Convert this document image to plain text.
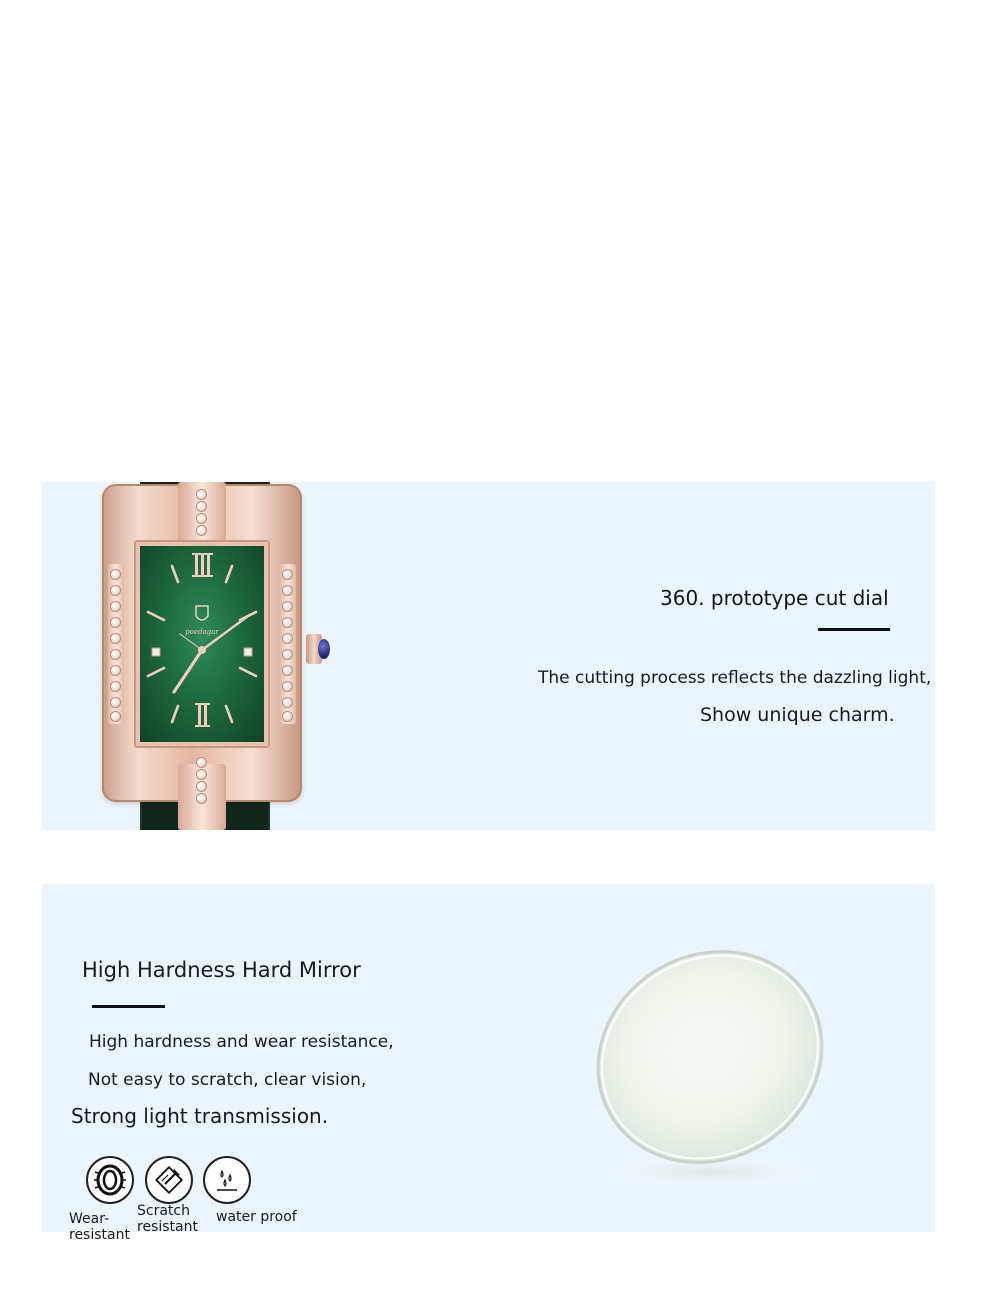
poedagar
360. prototype cut dial
The cutting process reflects the dazzling light,
Show unique charm.
High Hardness Hard Mirror
High hardness and wear resistance,
Not easy to scratch, clear vision,
Strong light transmission.
Wear-
resistant
Scratch
resistant
water proof
